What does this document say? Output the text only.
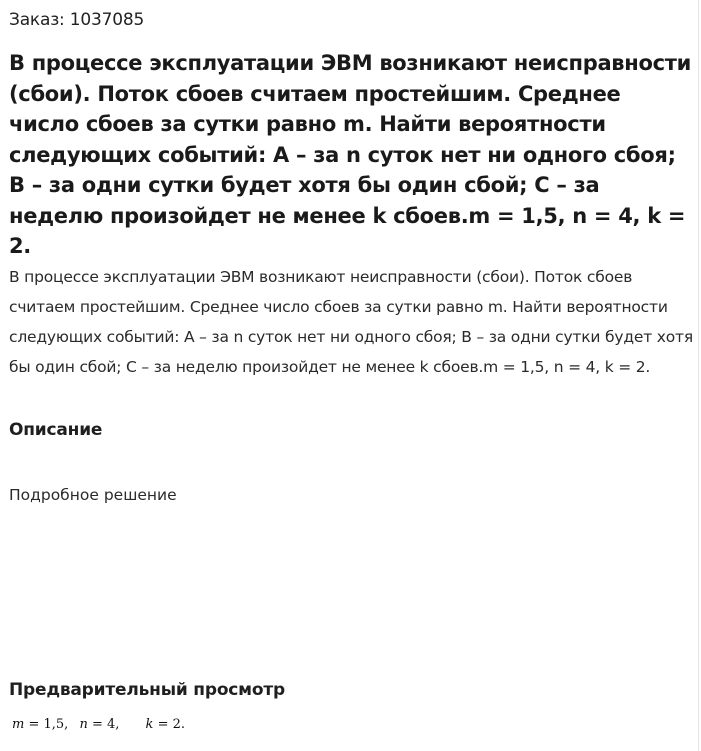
Заказ: 1037085
В процессе эксплуатации ЭВМ возникают неисправности (сбои). Поток сбоев считаем простейшим. Среднее число сбоев за сутки равно m. Найти вероятности следующих событий: A – за n суток нет ни одного сбоя; B – за одни сутки будет хотя бы один сбой; C – за неделю произойдет не менее k сбоев.m = 1,5, n = 4, k = 2.

В процессе эксплуатации ЭВМ возникают неисправности (сбои). Поток сбоев считаем простейшим. Среднее число сбоев за сутки равно m. Найти вероятности следующих событий: A – за n суток нет ни одного сбоя; B – за одни сутки будет хотя бы один сбой; C – за неделю произойдет не менее k сбоев.m = 1,5, n = 4, k = 2.

Описание

Подробное решение

Предварительный просмотр
m = 1,5, n = 4, k = 2.
